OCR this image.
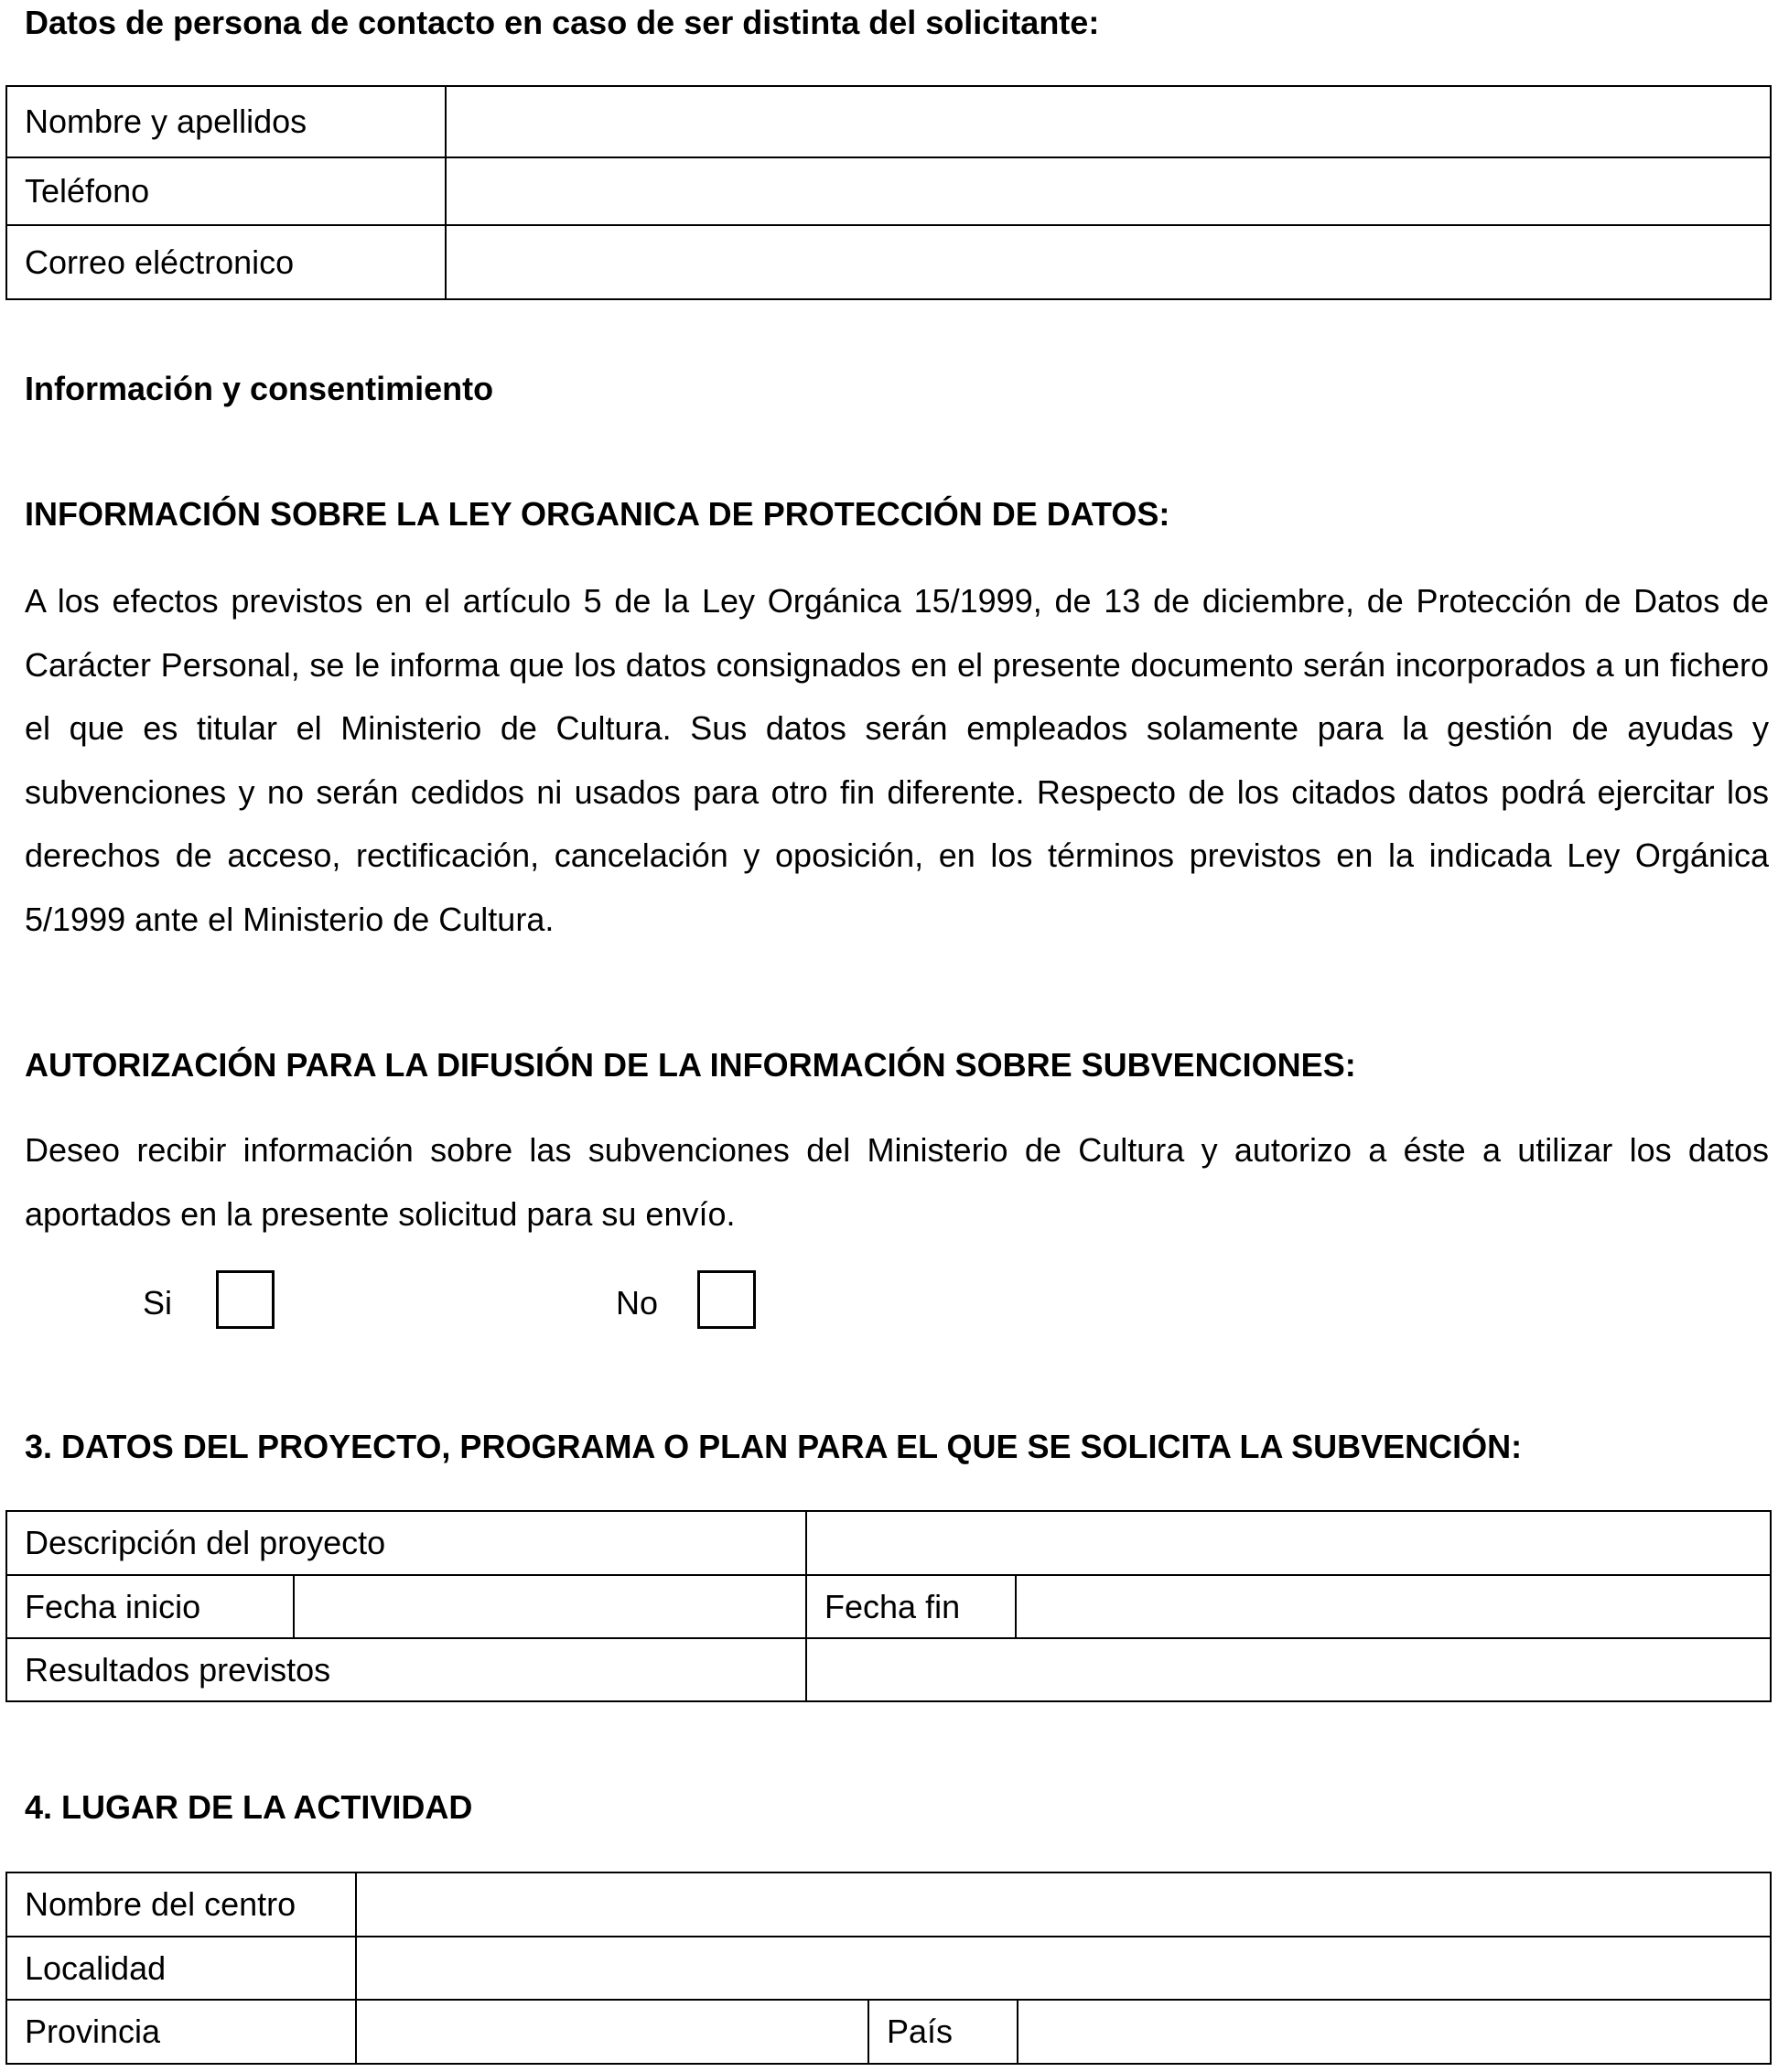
Datos de persona de contacto en caso de ser distinta del solicitante:
Nombre y apellidos	
Teléfono	
Correo eléctronico	
Información y consentimiento
INFORMACIÓN SOBRE LA LEY ORGANICA DE PROTECCIÓN DE DATOS:
A los efectos previstos en el artículo 5 de la Ley Orgánica 15/1999, de 13 de diciembre, de Protección de Datos de Carácter Personal, se le informa que los datos consignados en el presente documento serán incorporados a un fichero el que es titular el Ministerio de Cultura. Sus datos serán empleados solamente para la gestión de ayudas y subvenciones y no serán cedidos ni usados para otro fin diferente. Respecto de los citados datos podrá ejercitar los derechos de acceso, rectificación, cancelación y oposición, en los términos previstos en la indicada Ley Orgánica 5/1999 ante el Ministerio de Cultura.
AUTORIZACIÓN PARA LA DIFUSIÓN DE LA INFORMACIÓN SOBRE SUBVENCIONES:
Deseo recibir información sobre las subvenciones del Ministerio de Cultura y autorizo a éste a utilizar los datos aportados en la presente solicitud para su envío.
Si	No
3. DATOS DEL PROYECTO, PROGRAMA O PLAN PARA EL QUE SE SOLICITA LA SUBVENCIÓN:
Descripción del proyecto			
Fecha inicio		Fecha fin	
Resultados previstos			
4. LUGAR DE LA ACTIVIDAD
Nombre del centro			
Localidad			
Provincia		País	
